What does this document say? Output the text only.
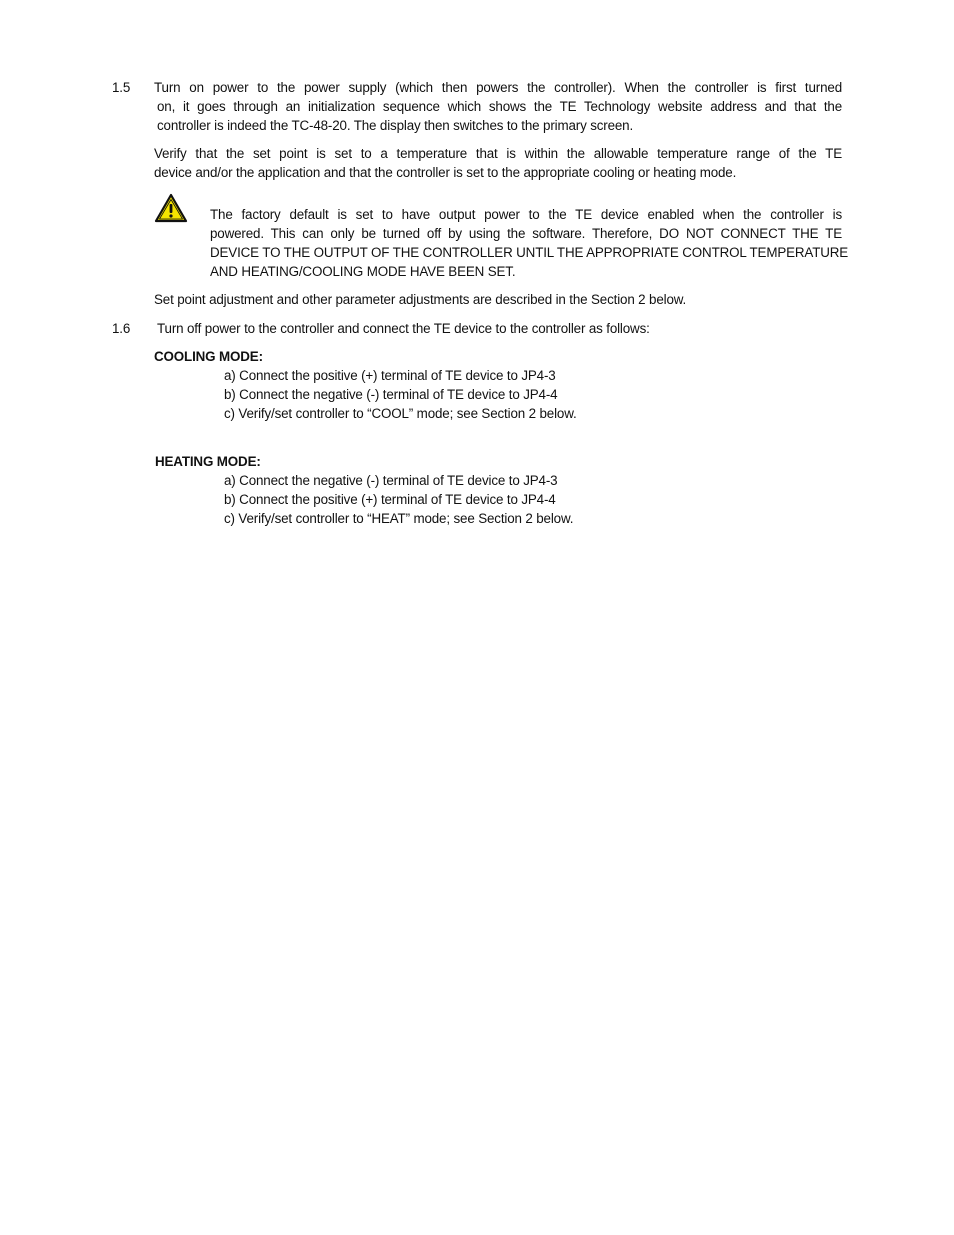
1.5 Turn on power to the power supply (which then powers the controller). When the controller is first turned
on, it goes through an initialization sequence which shows the TE Technology website address and that the
controller is indeed the TC-48-20. The display then switches to the primary screen.
Verify that the set point is set to a temperature that is within the allowable temperature range of the TE
device and/or the application and that the controller is set to the appropriate cooling or heating mode.
The factory default is set to have output power to the TE device enabled when the controller is
powered. This can only be turned off by using the software. Therefore, DO NOT CONNECT THE TE
DEVICE TO THE OUTPUT OF THE CONTROLLER UNTIL THE APPROPRIATE CONTROL TEMPERATURE
AND HEATING/COOLING MODE HAVE BEEN SET.
Set point adjustment and other parameter adjustments are described in the Section 2 below.
1.6 Turn off power to the controller and connect the TE device to the controller as follows:
COOLING MODE:
a) Connect the positive (+) terminal of TE device to JP4-3
b) Connect the negative (-) terminal of TE device to JP4-4
c) Verify/set controller to “COOL” mode; see Section 2 below.
HEATING MODE:
a) Connect the negative (-) terminal of TE device to JP4-3
b) Connect the positive (+) terminal of TE device to JP4-4
c) Verify/set controller to “HEAT” mode; see Section 2 below.
